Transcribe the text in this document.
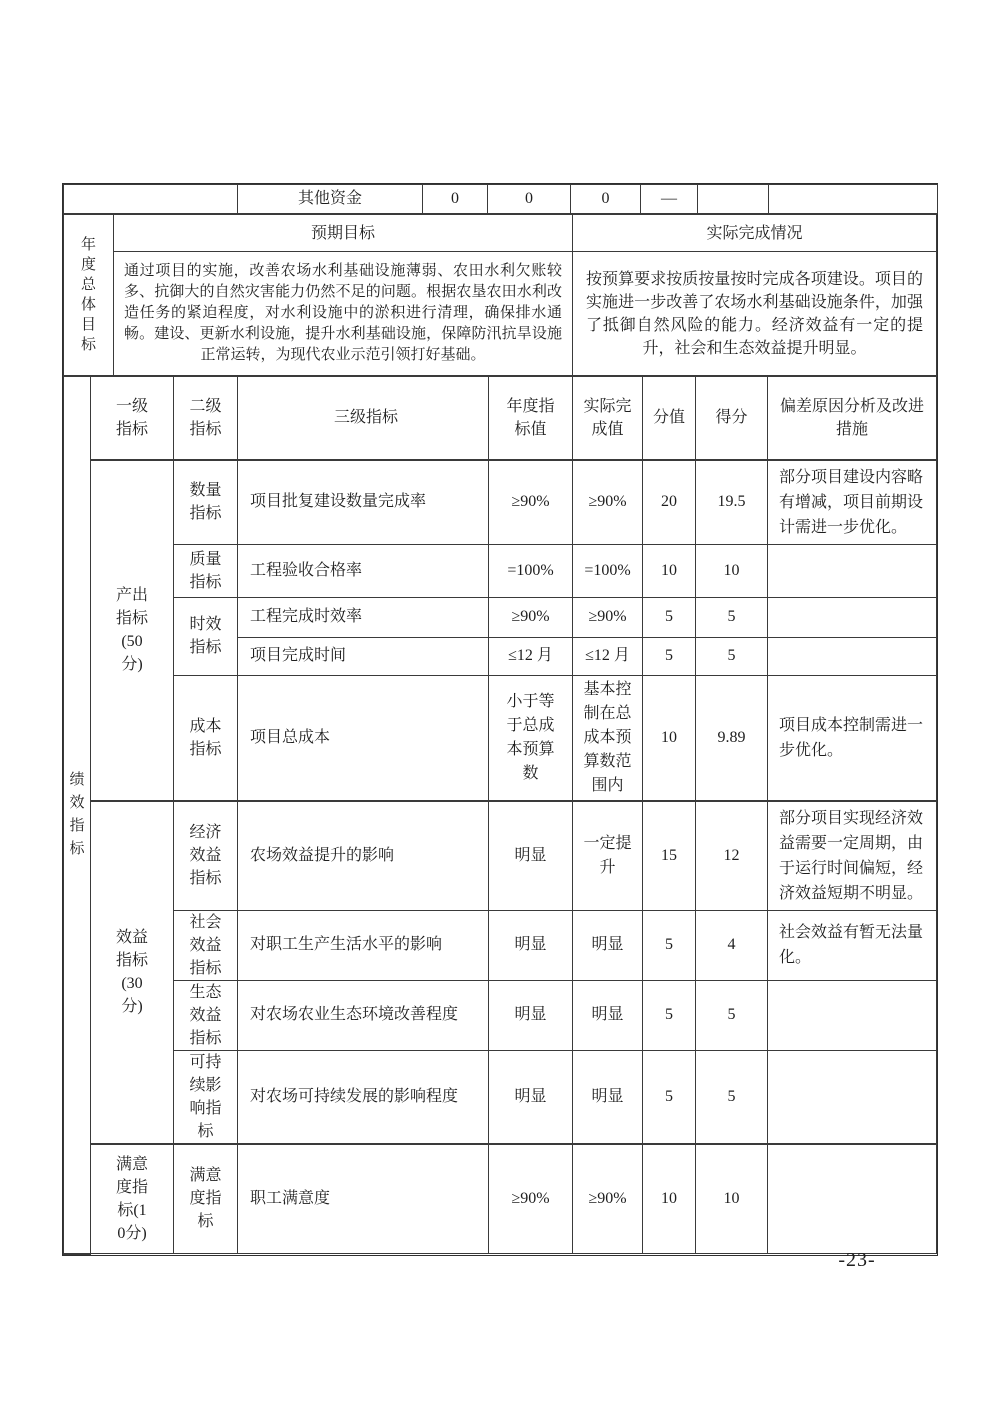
	其他资金	0	0	0	—		
年度总体目标	预期目标	实际完成情况
	通过项目的实施，改善农场水利基础设施薄弱、农田水利欠账较多、抗御大的自然灾害能力仍然不足的问题。根据农垦农田水利改造任务的紧迫程度，对水利设施中的淤积进行清理，确保排水通畅。建设、更新水利设施，提升水利基础设施，保障防汛抗旱设施正常运转，为现代农业示范引领打好基础。	按预算要求按质按量按时完成各项建设。项目的实施进一步改善了农场水利基础设施条件，加强了抵御自然风险的能力。经济效益有一定的提升，社会和生态效益提升明显。
绩效指标	一级指标	二级指标	三级指标	年度指标值	实际完成值	分值	得分	偏差原因分析及改进措施
	产出指标(50分)	数量指标	项目批复建设数量完成率	≥90%	≥90%	20	19.5	部分项目建设内容略有增减，项目前期设计需进一步优化。
		质量指标	工程验收合格率	=100%	=100%	10	10	
		时效指标	工程完成时效率	≥90%	≥90%	5	5	
			项目完成时间	≤12 月	≤12 月	5	5	
		成本指标	项目总成本	小于等于总成本预算数	基本控制在总成本预算数范围内	10	9.89	项目成本控制需进一步优化。
	效益指标(30分)	经济效益指标	农场效益提升的影响	明显	一定提升	15	12	部分项目实现经济效益需要一定周期，由于运行时间偏短，经济效益短期不明显。
		社会效益指标	对职工生产生活水平的影响	明显	明显	5	4	社会效益有暂无法量化。
		生态效益指标	对农场农业生态环境改善程度	明显	明显	5	5	
		可持续影响指标	对农场可持续发展的影响程度	明显	明显	5	5	
	满意度指标(10分)	满意度指标	职工满意度	≥90%	≥90%	10	10	
-23-
